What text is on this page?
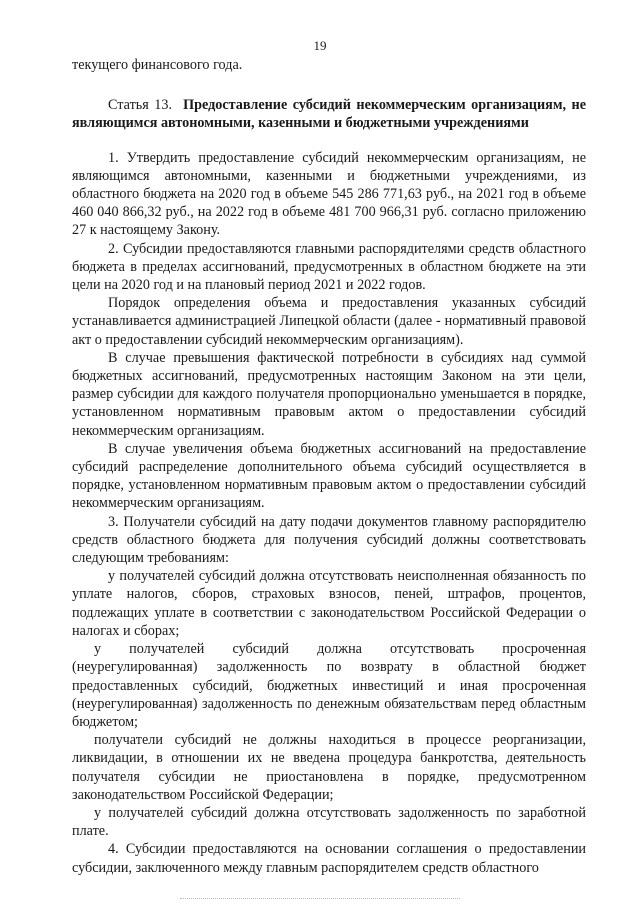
19

текущего финансового года.

Статья 13. Предоставление субсидий некоммерческим организациям, не являющимся автономными, казенными и бюджетными учреждениями

1. Утвердить предоставление субсидий некоммерческим организациям, не являющимся автономными, казенными и бюджетными учреждениями, из областного бюджета на 2020 год в объеме 545 286 771,63 руб., на 2021 год в объеме 460 040 866,32 руб., на 2022 год в объеме 481 700 966,31 руб. согласно приложению 27 к настоящему Закону.

2. Субсидии предоставляются главными распорядителями средств областного бюджета в пределах ассигнований, предусмотренных в областном бюджете на эти цели на 2020 год и на плановый период 2021 и 2022 годов.

Порядок определения объема и предоставления указанных субсидий устанавливается администрацией Липецкой области (далее - нормативный правовой акт о предоставлении субсидий некоммерческим организациям).

В случае превышения фактической потребности в субсидиях над суммой бюджетных ассигнований, предусмотренных настоящим Законом на эти цели, размер субсидии для каждого получателя пропорционально уменьшается в порядке, установленном нормативным правовым актом о предоставлении субсидий некоммерческим организациям.

В случае увеличения объема бюджетных ассигнований на предоставление субсидий распределение дополнительного объема субсидий осуществляется в порядке, установленном нормативным правовым актом о предоставлении субсидий некоммерческим организациям.

3. Получатели субсидий на дату подачи документов главному распорядителю средств областного бюджета для получения субсидий должны соответствовать следующим требованиям:

у получателей субсидий должна отсутствовать неисполненная обязанность по уплате налогов, сборов, страховых взносов, пеней, штрафов, процентов, подлежащих уплате в соответствии с законодательством Российской Федерации о налогах и сборах;

у получателей субсидий должна отсутствовать просроченная (неурегулированная) задолженность по возврату в областной бюджет предоставленных субсидий, бюджетных инвестиций и иная просроченная (неурегулированная) задолженность по денежным обязательствам перед областным бюджетом;

получатели субсидий не должны находиться в процессе реорганизации, ликвидации, в отношении их не введена процедура банкротства, деятельность получателя субсидии не приостановлена в порядке, предусмотренном законодательством Российской Федерации;

у получателей субсидий должна отсутствовать задолженность по заработной плате.

4. Субсидии предоставляются на основании соглашения о предоставлении субсидии, заключенного между главным распорядителем средств областного
